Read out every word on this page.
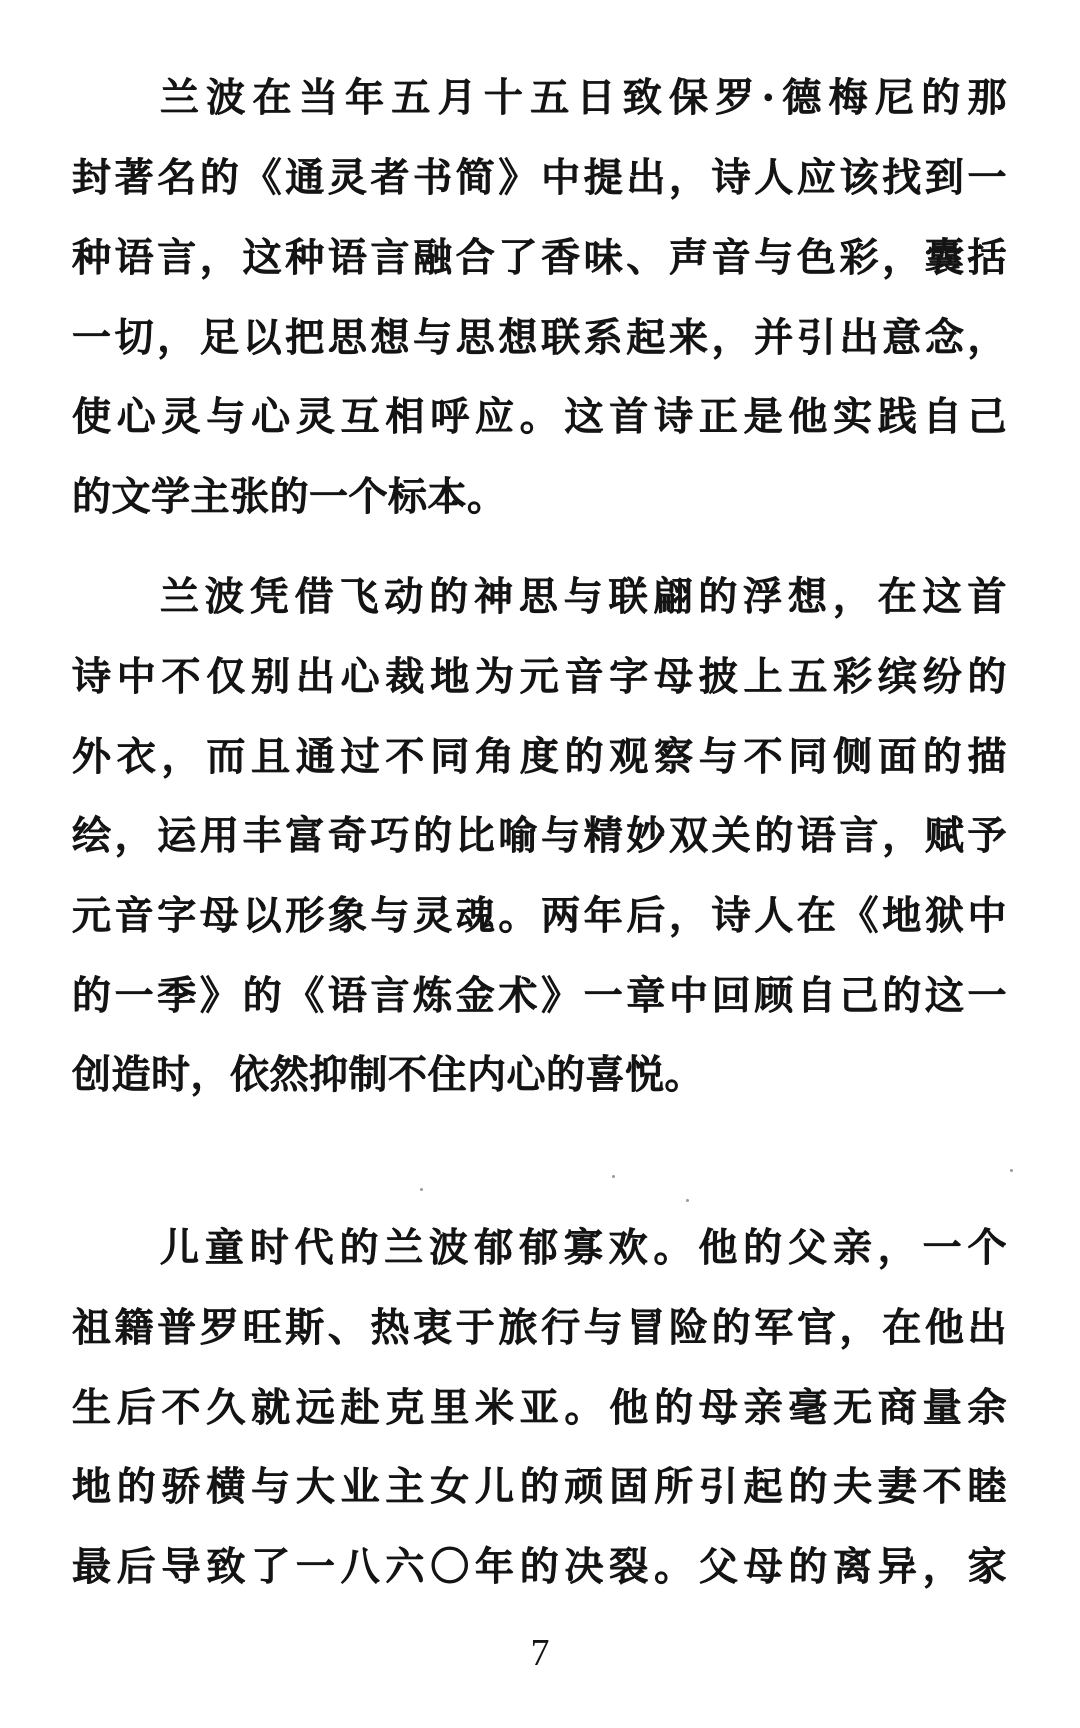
兰波在当年五月十五日致保罗·德梅尼的那
封著名的《通灵者书简》中提出，诗人应该找到一
种语言，这种语言融合了香味、声音与色彩，囊括
一切，足以把思想与思想联系起来，并引出意念，
使心灵与心灵互相呼应。这首诗正是他实践自己
的文学主张的一个标本。
兰波凭借飞动的神思与联翩的浮想，在这首
诗中不仅别出心裁地为元音字母披上五彩缤纷的
外衣，而且通过不同角度的观察与不同侧面的描
绘，运用丰富奇巧的比喻与精妙双关的语言，赋予
元音字母以形象与灵魂。两年后，诗人在《地狱中
的一季》的《语言炼金术》一章中回顾自己的这一
创造时，依然抑制不住内心的喜悦。
儿童时代的兰波郁郁寡欢。他的父亲，一个
祖籍普罗旺斯、热衷于旅行与冒险的军官，在他出
生后不久就远赴克里米亚。他的母亲毫无商量余
地的骄横与大业主女儿的顽固所引起的夫妻不睦
最后导致了一八六〇年的决裂。父母的离异，家
7
